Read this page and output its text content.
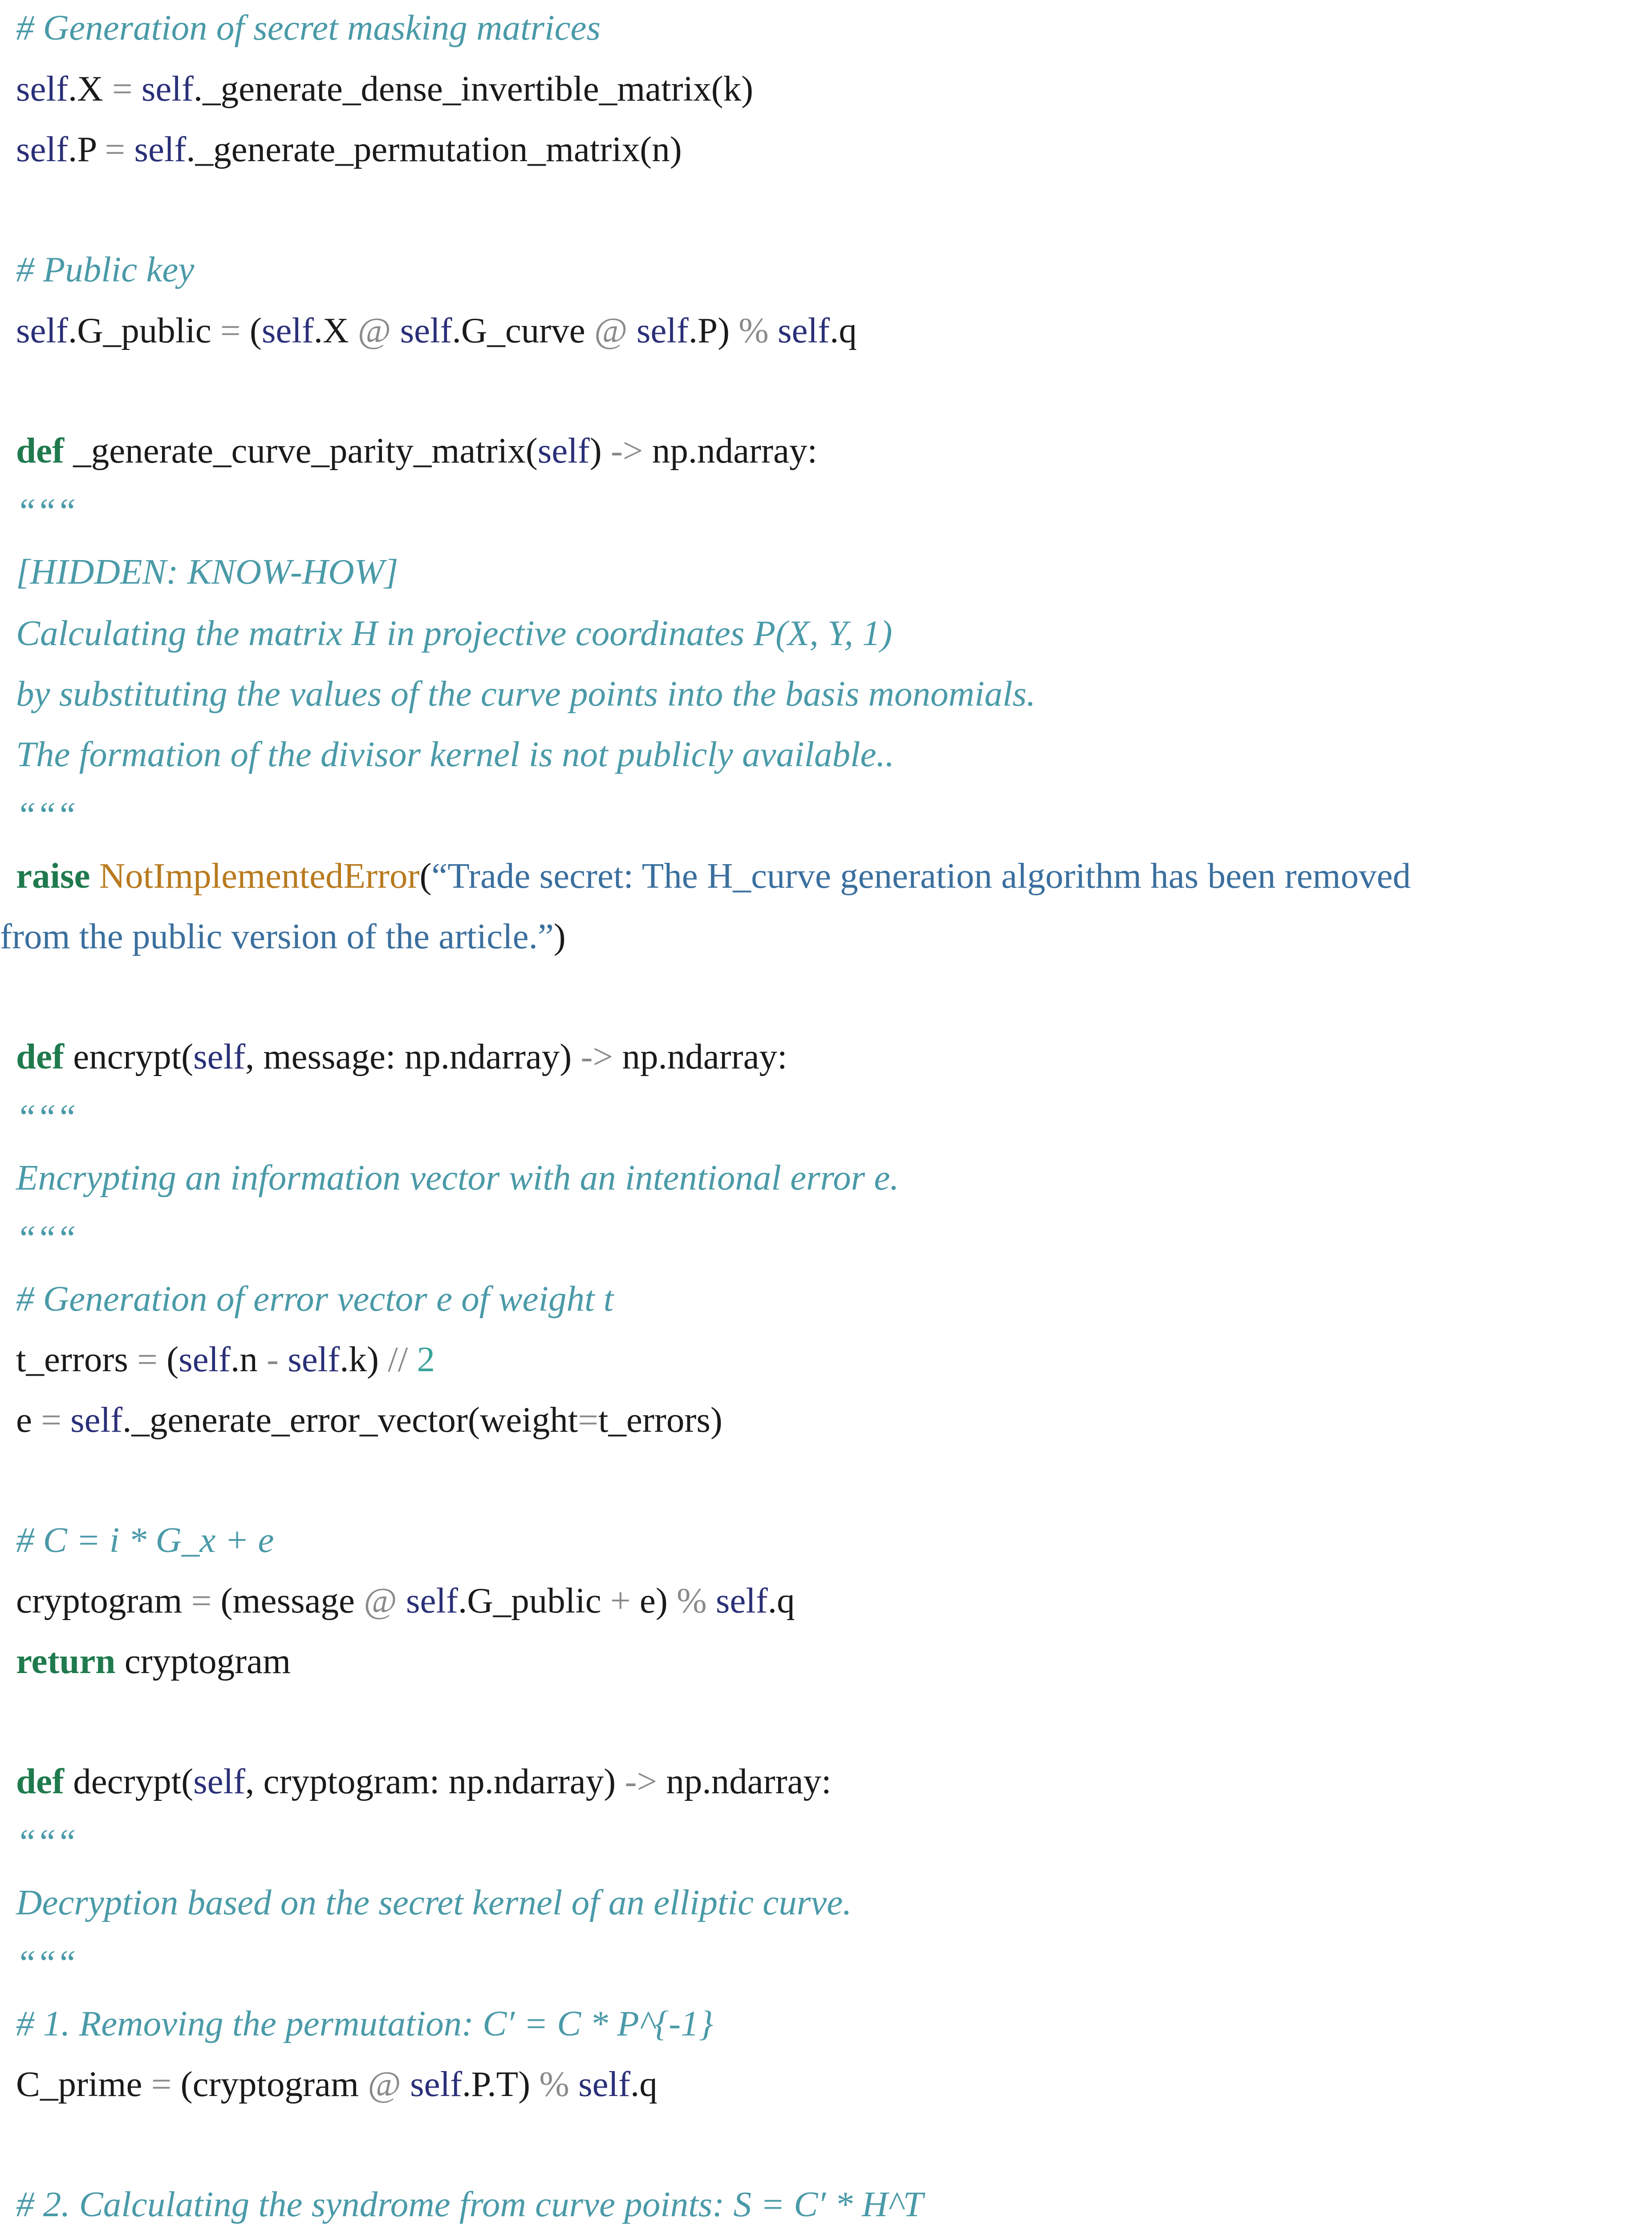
# Generation of secret masking matrices
self.X = self._generate_dense_invertible_matrix(k)
self.P = self._generate_permutation_matrix(n)
# Public key
self.G_public = (self.X @ self.G_curve @ self.P) % self.q
def _generate_curve_parity_matrix(self) -> np.ndarray:
“““
[HIDDEN: KNOW-HOW]
Calculating the matrix H in projective coordinates P(X, Y, 1)
by substituting the values of the curve points into the basis monomials.
The formation of the divisor kernel is not publicly available..
“““
raise NotImplementedError(“Trade secret: The H_curve generation algorithm has been removed
from the public version of the article.”)
def encrypt(self, message: np.ndarray) -> np.ndarray:
“““
Encrypting an information vector with an intentional error e.
“““
# Generation of error vector e of weight t
t_errors = (self.n - self.k) // 2
e = self._generate_error_vector(weight=t_errors)
# C = i * G_x + e
cryptogram = (message @ self.G_public + e) % self.q
return cryptogram
def decrypt(self, cryptogram: np.ndarray) -> np.ndarray:
“““
Decryption based on the secret kernel of an elliptic curve.
“““
# 1. Removing the permutation: C′ = C * P^{-1}
C_prime = (cryptogram @ self.P.T) % self.q
# 2. Calculating the syndrome from curve points: S = C′ * H^T
